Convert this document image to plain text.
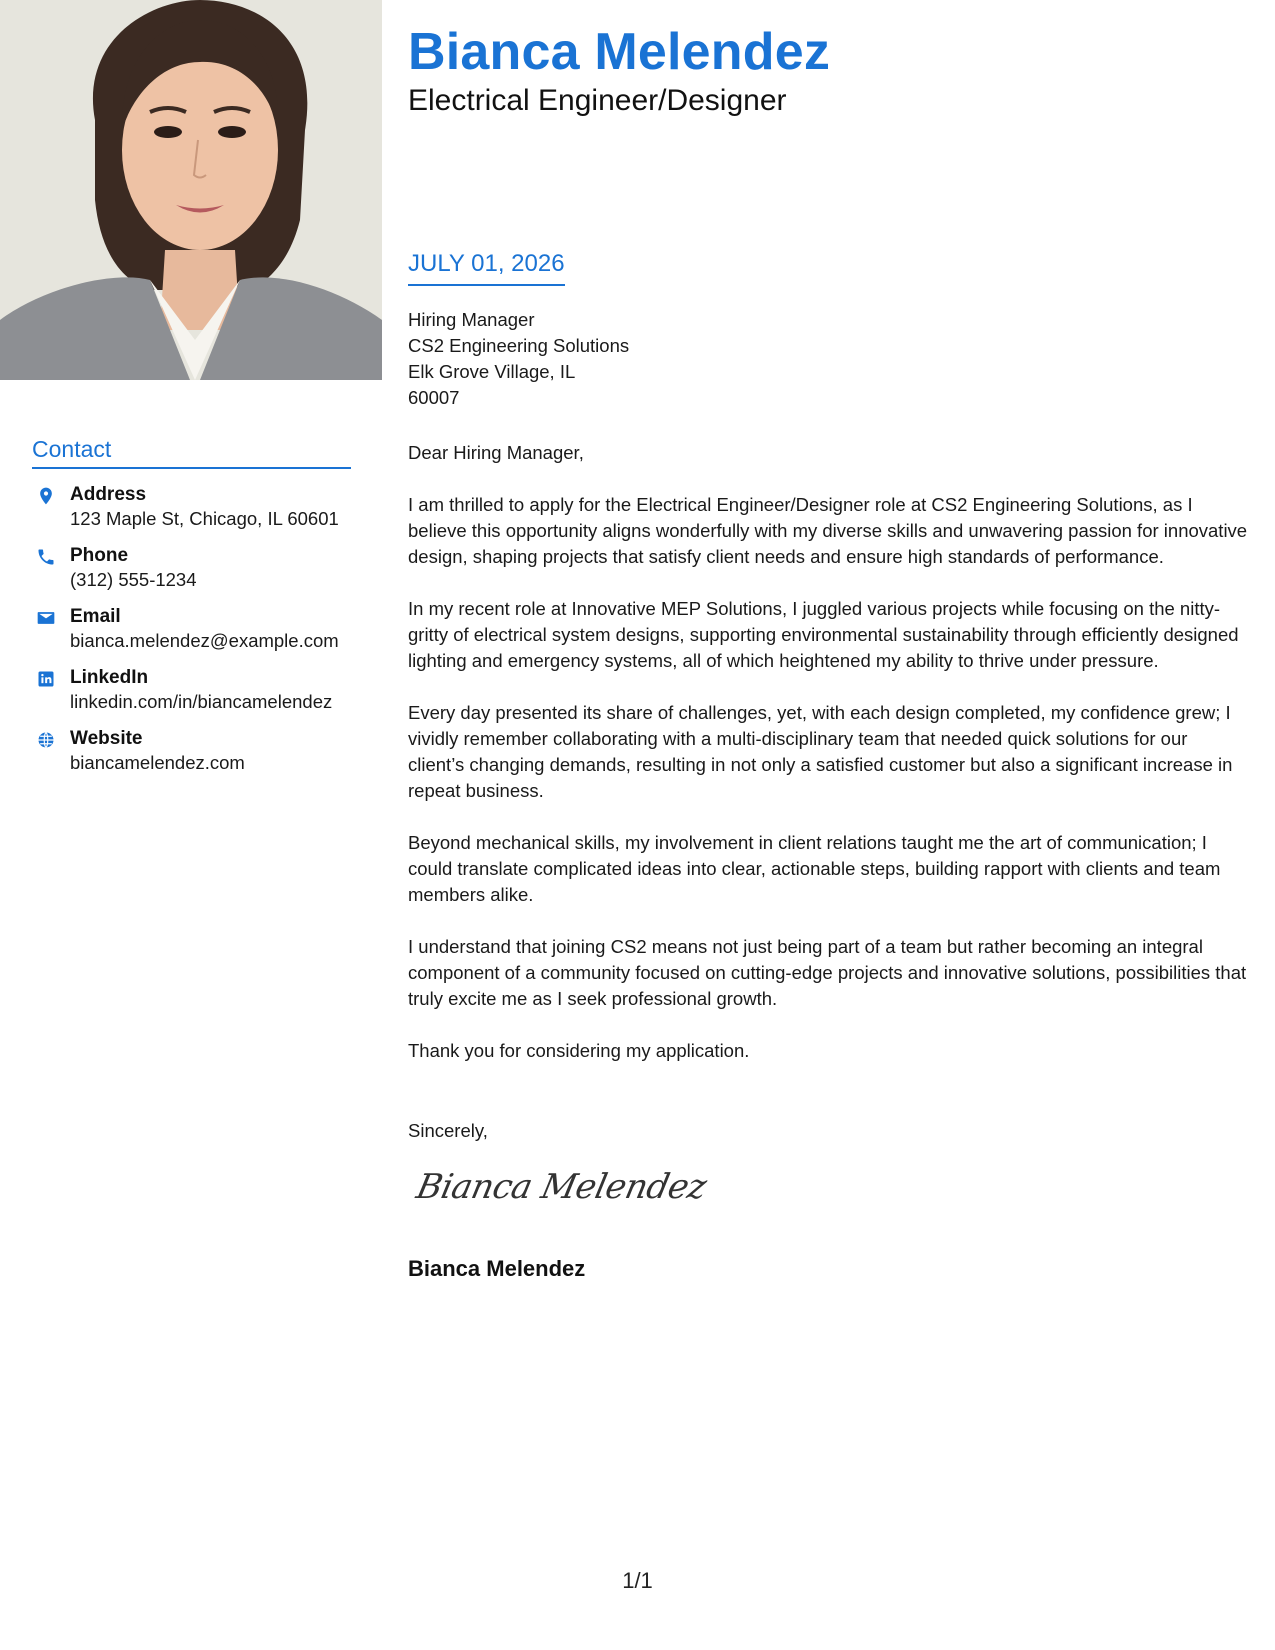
Bianca Melendez
Electrical Engineer/Designer
Contact
Address
123 Maple St, Chicago, IL 60601
Phone
(312) 555-1234
Email
bianca.melendez@example.com
LinkedIn
linkedin.com/in/biancamelendez
Website
biancamelendez.com
JULY 01, 2026
Hiring Manager
CS2 Engineering Solutions
Elk Grove Village, IL
60007
Dear Hiring Manager,
I am thrilled to apply for the Electrical Engineer/Designer role at CS2 Engineering Solutions, as I believe this opportunity aligns wonderfully with my diverse skills and unwavering passion for innovative design, shaping projects that satisfy client needs and ensure high standards of performance.
In my recent role at Innovative MEP Solutions, I juggled various projects while focusing on the nitty-gritty of electrical system designs, supporting environmental sustainability through efficiently designed lighting and emergency systems, all of which heightened my ability to thrive under pressure.
Every day presented its share of challenges, yet, with each design completed, my confidence grew; I vividly remember collaborating with a multi-disciplinary team that needed quick solutions for our client’s changing demands, resulting in not only a satisfied customer but also a significant increase in repeat business.
Beyond mechanical skills, my involvement in client relations taught me the art of communication; I could translate complicated ideas into clear, actionable steps, building rapport with clients and team members alike.
I understand that joining CS2 means not just being part of a team but rather becoming an integral component of a community focused on cutting-edge projects and innovative solutions, possibilities that truly excite me as I seek professional growth.
Thank you for considering my application.
Sincerely,
Bianca Melendez
Bianca Melendez
1/1
